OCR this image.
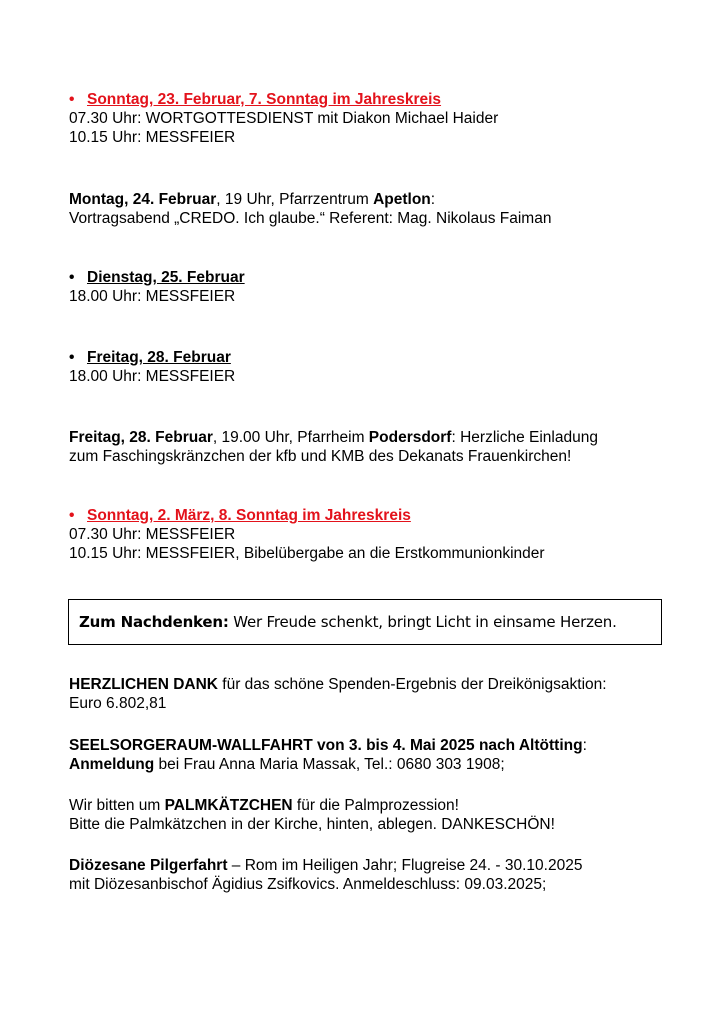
• Sonntag, 23. Februar, 7. Sonntag im Jahreskreis
07.30 Uhr: WORTGOTTESDIENST mit Diakon Michael Haider
10.15 Uhr: MESSFEIER
Montag, 24. Februar, 19 Uhr, Pfarrzentrum Apetlon:
Vortragsabend „CREDO. Ich glaube.“ Referent: Mag. Nikolaus Faiman
• Dienstag, 25. Februar
18.00 Uhr: MESSFEIER
• Freitag, 28. Februar
18.00 Uhr: MESSFEIER
Freitag, 28. Februar, 19.00 Uhr, Pfarrheim Podersdorf: Herzliche Einladung
zum Faschingskränzchen der kfb und KMB des Dekanats Frauenkirchen!
• Sonntag, 2. März, 8. Sonntag im Jahreskreis
07.30 Uhr: MESSFEIER
10.15 Uhr: MESSFEIER, Bibelübergabe an die Erstkommunionkinder
Zum Nachdenken: Wer Freude schenkt, bringt Licht in einsame Herzen.
HERZLICHEN DANK für das schöne Spenden-Ergebnis der Dreikönigsaktion:
Euro 6.802,81
SEELSORGERAUM-WALLFAHRT von 3. bis 4. Mai 2025 nach Altötting:
Anmeldung bei Frau Anna Maria Massak, Tel.: 0680 303 1908;
Wir bitten um PALMKÄTZCHEN für die Palmprozession!
Bitte die Palmkätzchen in der Kirche, hinten, ablegen. DANKESCHÖN!
Diözesane Pilgerfahrt – Rom im Heiligen Jahr; Flugreise 24. - 30.10.2025
mit Diözesanbischof Ägidius Zsifkovics. Anmeldeschluss: 09.03.2025;
